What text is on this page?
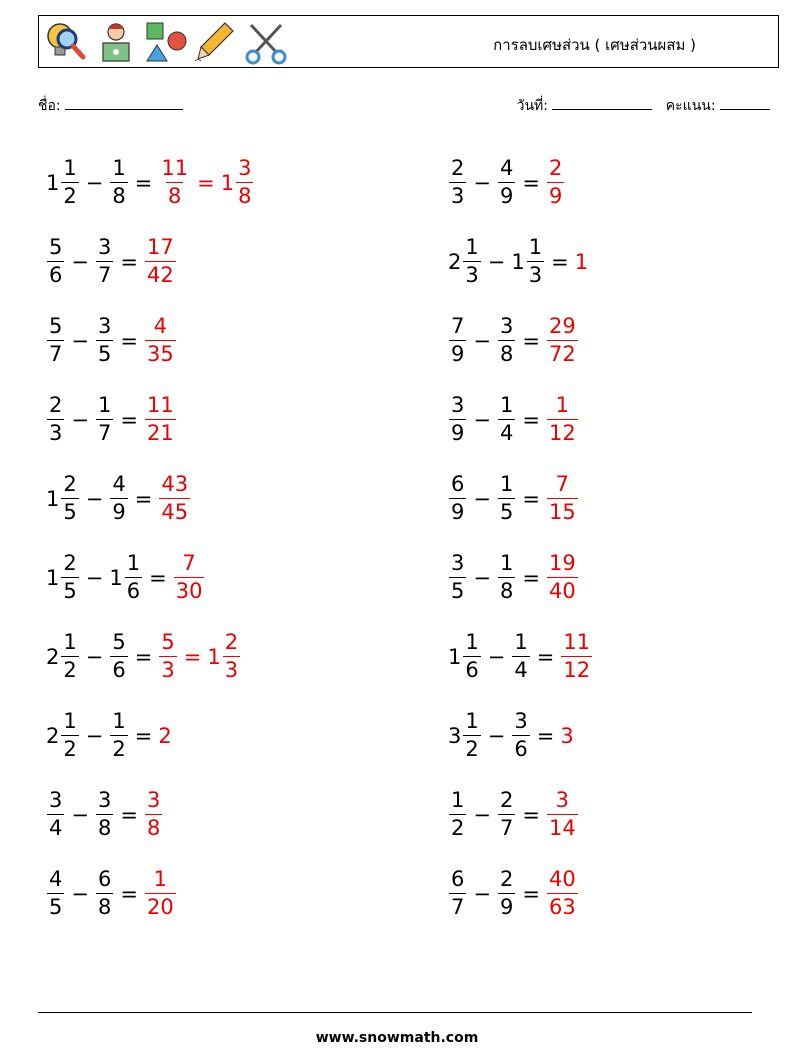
การลบเศษส่วน ( เศษส่วนผสม )
ชื่อ:	วันที่:	คะแนน:
$1 \frac{1}{2} - \frac{1}{8} = \frac{11}{8} = 1 \frac{3}{8}$
$\frac{5}{6} - \frac{3}{7} = \frac{17}{42}$
$\frac{5}{7} - \frac{3}{5} = \frac{4}{35}$
$\frac{2}{3} - \frac{1}{7} = \frac{11}{21}$
$1 \frac{2}{5} - \frac{4}{9} = \frac{43}{45}$
$1 \frac{2}{5} - 1 \frac{1}{6} = \frac{7}{30}$
$2 \frac{1}{2} - \frac{5}{6} = \frac{5}{3} = 1 \frac{2}{3}$
$2 \frac{1}{2} - \frac{1}{2} = 2$
$\frac{3}{4} - \frac{3}{8} = \frac{3}{8}$
$\frac{4}{5} - \frac{6}{8} = \frac{1}{20}$
$\frac{2}{3} - \frac{4}{9} = \frac{2}{9}$
$2 \frac{1}{3} - 1 \frac{1}{3} = 1$
$\frac{7}{9} - \frac{3}{8} = \frac{29}{72}$
$\frac{3}{9} - \frac{1}{4} = \frac{1}{12}$
$\frac{6}{9} - \frac{1}{5} = \frac{7}{15}$
$\frac{3}{5} - \frac{1}{8} = \frac{19}{40}$
$1 \frac{1}{6} - \frac{1}{4} = \frac{11}{12}$
$3 \frac{1}{2} - \frac{3}{6} = 3$
$\frac{1}{2} - \frac{2}{7} = \frac{3}{14}$
$\frac{6}{7} - \frac{2}{9} = \frac{40}{63}$
www.snowmath.com
